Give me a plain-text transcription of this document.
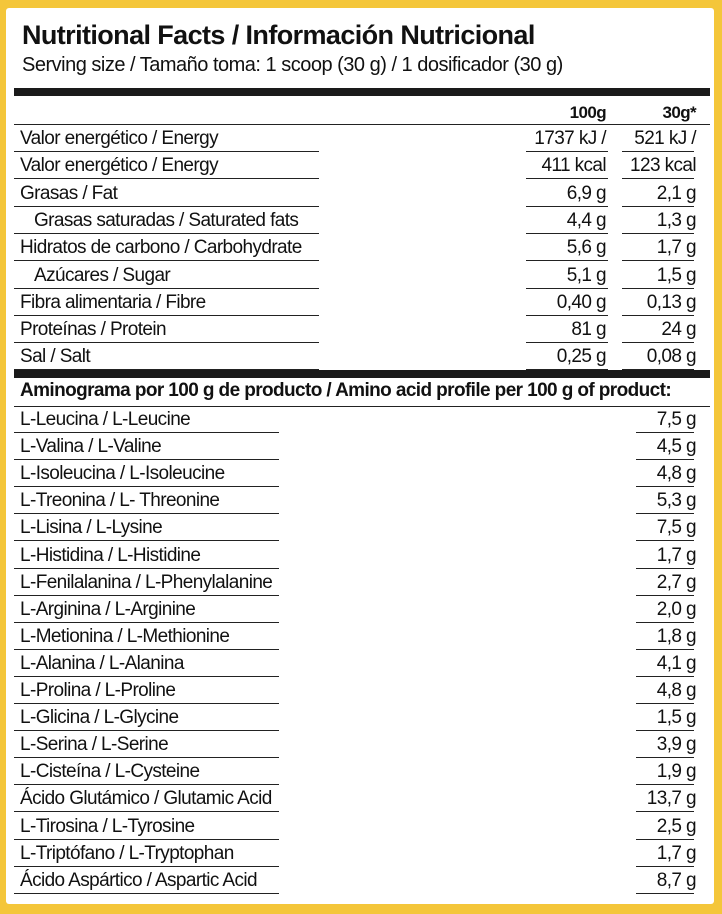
Nutritional Facts / Información Nutricional
Serving size / Tamaño toma: 1 scoop (30 g) / 1 dosificador (30 g)
100g	30g*
Valor energético / Energy	1737 kJ / 521 kJ /
Valor energético / Energy	411 kcal 123 kcal
Grasas / Fat	6,9 g	2,1 g
Grasas saturadas / Saturated fats	4,4 g	1,3 g
Hidratos de carbono / Carbohydrate	5,6 g	1,7 g
Azúcares / Sugar	5,1 g	1,5 g
Fibra alimentaria / Fibre	0,40 g 0,13 g
Proteínas / Protein	81 g	24 g
Sal / Salt	0,25 g 0,08 g
Aminograma por 100 g de producto / Amino acid profile per 100 g of product:
L-Leucina / L-Leucine	7,5 g
L-Valina / L-Valine	4,5 g
L-Isoleucina / L-Isoleucine	4,8 g
L-Treonina / L- Threonine	5,3 g
L-Lisina / L-Lysine	7,5 g
L-Histidina / L-Histidine	1,7 g
L-Fenilalanina / L-Phenylalanine	2,7 g
L-Arginina / L-Arginine	2,0 g
L-Metionina / L-Methionine	1,8 g
L-Alanina / L-Alanina	4,1 g
L-Prolina / L-Proline	4,8 g
L-Glicina / L-Glycine	1,5 g
L-Serina / L-Serine	3,9 g
L-Cisteína / L-Cysteine	1,9 g
Ácido Glutámico / Glutamic Acid	13,7 g
L-Tirosina / L-Tyrosine	2,5 g
L-Triptófano / L-Tryptophan	1,7 g
Ácido Aspártico / Aspartic Acid	8,7 g
